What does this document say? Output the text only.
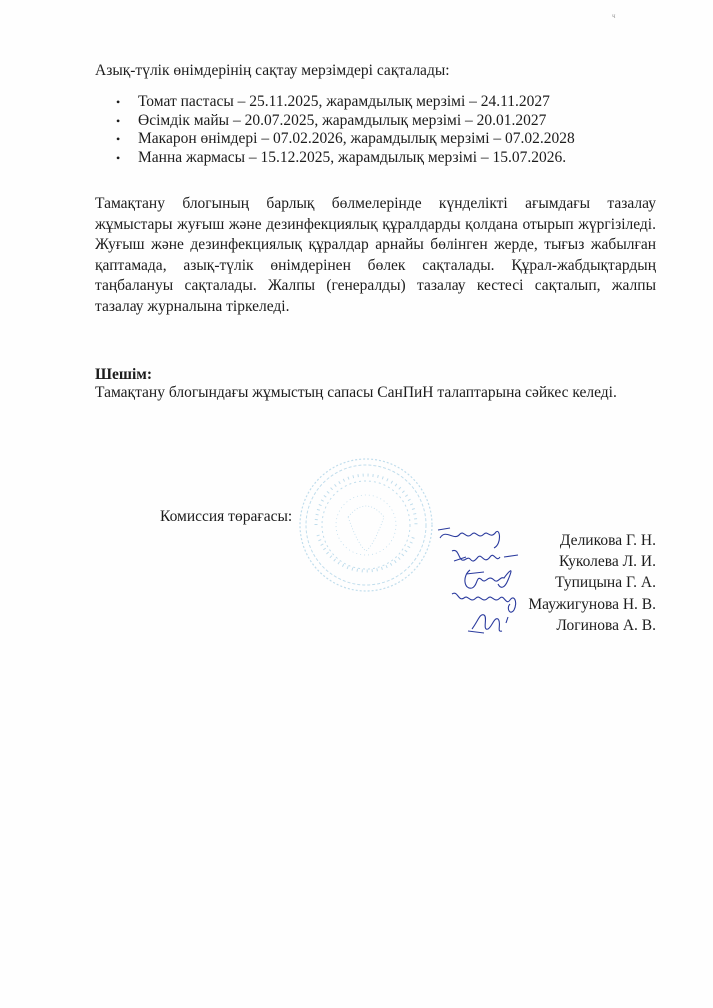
ч

Азық-түлік өнімдерінің сақтау мерзімдері сақталады:

• Томат пастасы – 25.11.2025, жарамдылық мерзімі – 24.11.2027
• Өсімдік майы – 20.07.2025, жарамдылық мерзімі – 20.01.2027
• Макарон өнімдері – 07.02.2026, жарамдылық мерзімі – 07.02.2028
• Манна жармасы – 15.12.2025, жарамдылық мерзімі – 15.07.2026.

Тамақтану блогының барлық бөлмелерінде күнделікті ағымдағы тазалау жұмыстары жуғыш және дезинфекциялық құралдарды қолдана отырып жүргізіледі. Жуғыш және дезинфекциялық құралдар арнайы бөлінген жерде, тығыз жабылған қаптамада, азық-түлік өнімдерінен бөлек сақталады. Құрал-жабдықтардың таңбалануы сақталады. Жалпы (генералды) тазалау кестесі сақталып, жалпы тазалау журналына тіркеледі.

Шешім:

Тамақтану блогындағы жұмыстың сапасы СанПиН талаптарына сәйкес келеді.

Комиссия төрағасы:
Деликова Г. Н.
Куколева Л. И.
Тупицына Г. А.
Маужигунова Н. В.
Логинова А. В.
